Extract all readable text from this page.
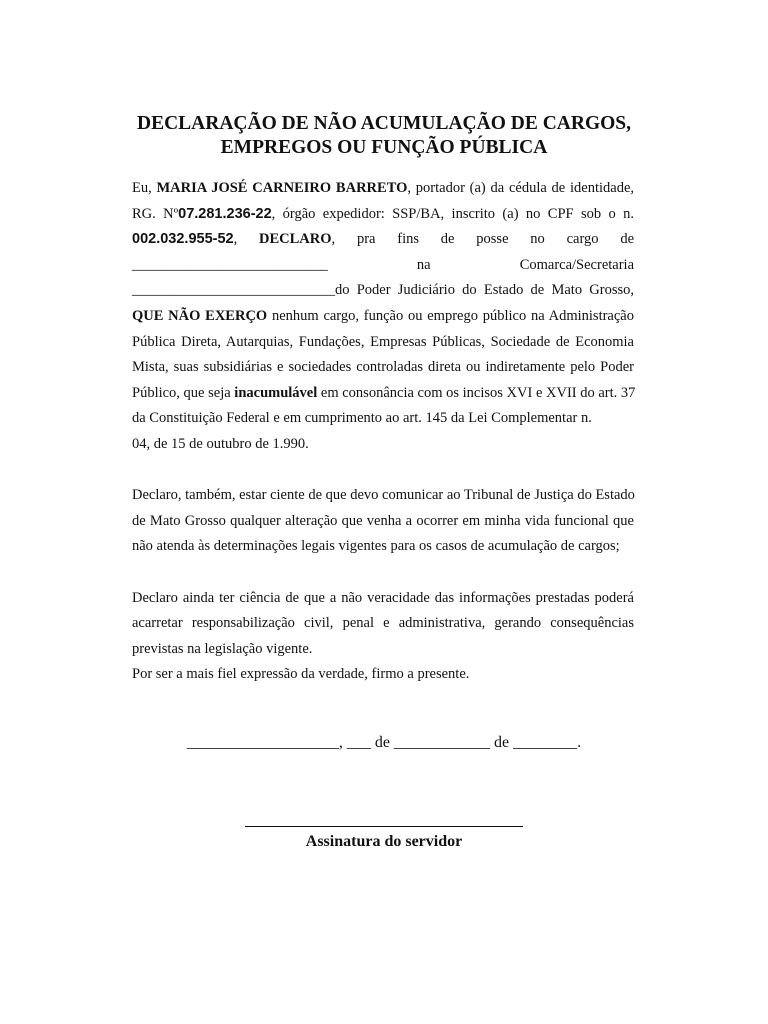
DECLARAÇÃO DE NÃO ACUMULAÇÃO DE CARGOS,
EMPREGOS OU FUNÇÃO PÚBLICA
Eu, MARIA JOSÉ CARNEIRO BARRETO, portador (a) da cédula de identidade,
RG. Nº07.281.236-22, órgão expedidor: SSP/BA, inscrito (a) no CPF sob o n.
002.032.955-52, DECLARO, pra fins de posse no cargo de
___________________________	na	Comarca/Secretaria
____________________________do Poder Judiciário do Estado de Mato Grosso,
QUE NÃO EXERÇO nenhum cargo, função ou emprego público na Administração
Pública Direta, Autarquias, Fundações, Empresas Públicas, Sociedade de Economia
Mista, suas subsidiárias e sociedades controladas direta ou indiretamente pelo Poder
Público, que seja inacumulável em consonância com os incisos XVI e XVII do art. 37
da Constituição Federal e em cumprimento ao art. 145 da Lei Complementar n.
04, de 15 de outubro de 1.990.
Declaro, também, estar ciente de que devo comunicar ao Tribunal de Justiça do Estado
de Mato Grosso qualquer alteração que venha a ocorrer em minha vida funcional que
não atenda às determinações legais vigentes para os casos de acumulação de cargos;
Declaro ainda ter ciência de que a não veracidade das informações prestadas poderá
acarretar responsabilização civil, penal e administrativa, gerando consequências
previstas na legislação vigente.
Por ser a mais fiel expressão da verdade, firmo a presente.
___________________, ___ de ____________ de ________.
Assinatura do servidor
